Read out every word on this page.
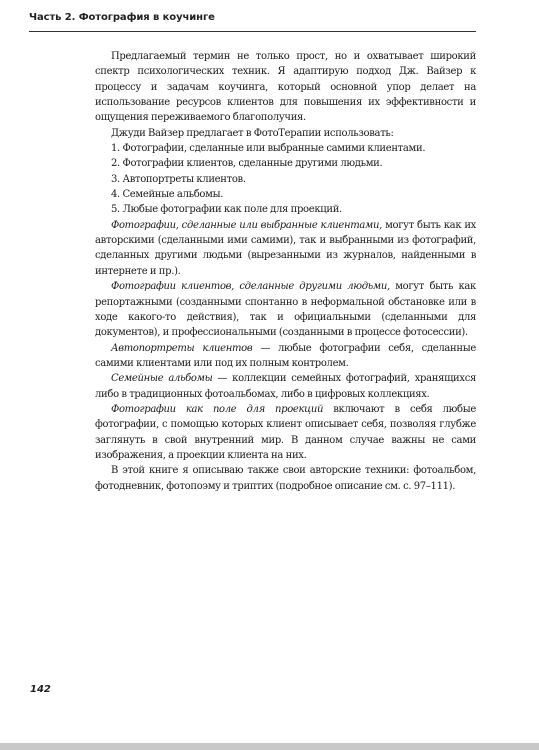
Часть 2. Фотография в коучинге

Предлагаемый термин не только прост, но и охватывает широкий спектр психологических техник. Я адаптирую подход Дж. Вайзер к процессу и задачам коучинга, который основной упор делает на использование ресурсов клиентов для повышения их эффективности и ощущения переживаемого благополучия.

Джуди Вайзер предлагает в ФотоТерапии использовать:

1. Фотографии, сделанные или выбранные самими клиентами.

2. Фотографии клиентов, сделанные другими людьми.

3. Автопортреты клиентов.

4. Семейные альбомы.

5. Любые фотографии как поле для проекций.

Фотографии, сделанные или выбранные клиентами, могут быть как их авторскими (сделанными ими самими), так и выбранными из фотографий, сделанных другими людьми (вырезанными из журналов, найденными в интернете и пр.).

Фотографии клиентов, сделанные другими людьми, могут быть как репортажными (созданными спонтанно в неформальной обстановке или в ходе какого-то действия), так и официальными (сделанными для документов), и профессиональными (созданными в процессе фотосессии).

Автопортреты клиентов — любые фотографии себя, сделанные самими клиентами или под их полным контролем.

Семейные альбомы — коллекции семейных фотографий, хранящихся либо в традиционных фотоальбомах, либо в цифровых коллекциях.

Фотографии как поле для проекций включают в себя любые фотографии, с помощью которых клиент описывает себя, позволяя глубже заглянуть в свой внутренний мир. В данном случае важны не сами изображения, а проекции клиента на них.

В этой книге я описываю также свои авторские техники: фотоальбом, фотодневник, фотопоэму и триптих (подробное описание см. с. 97–111).

142
